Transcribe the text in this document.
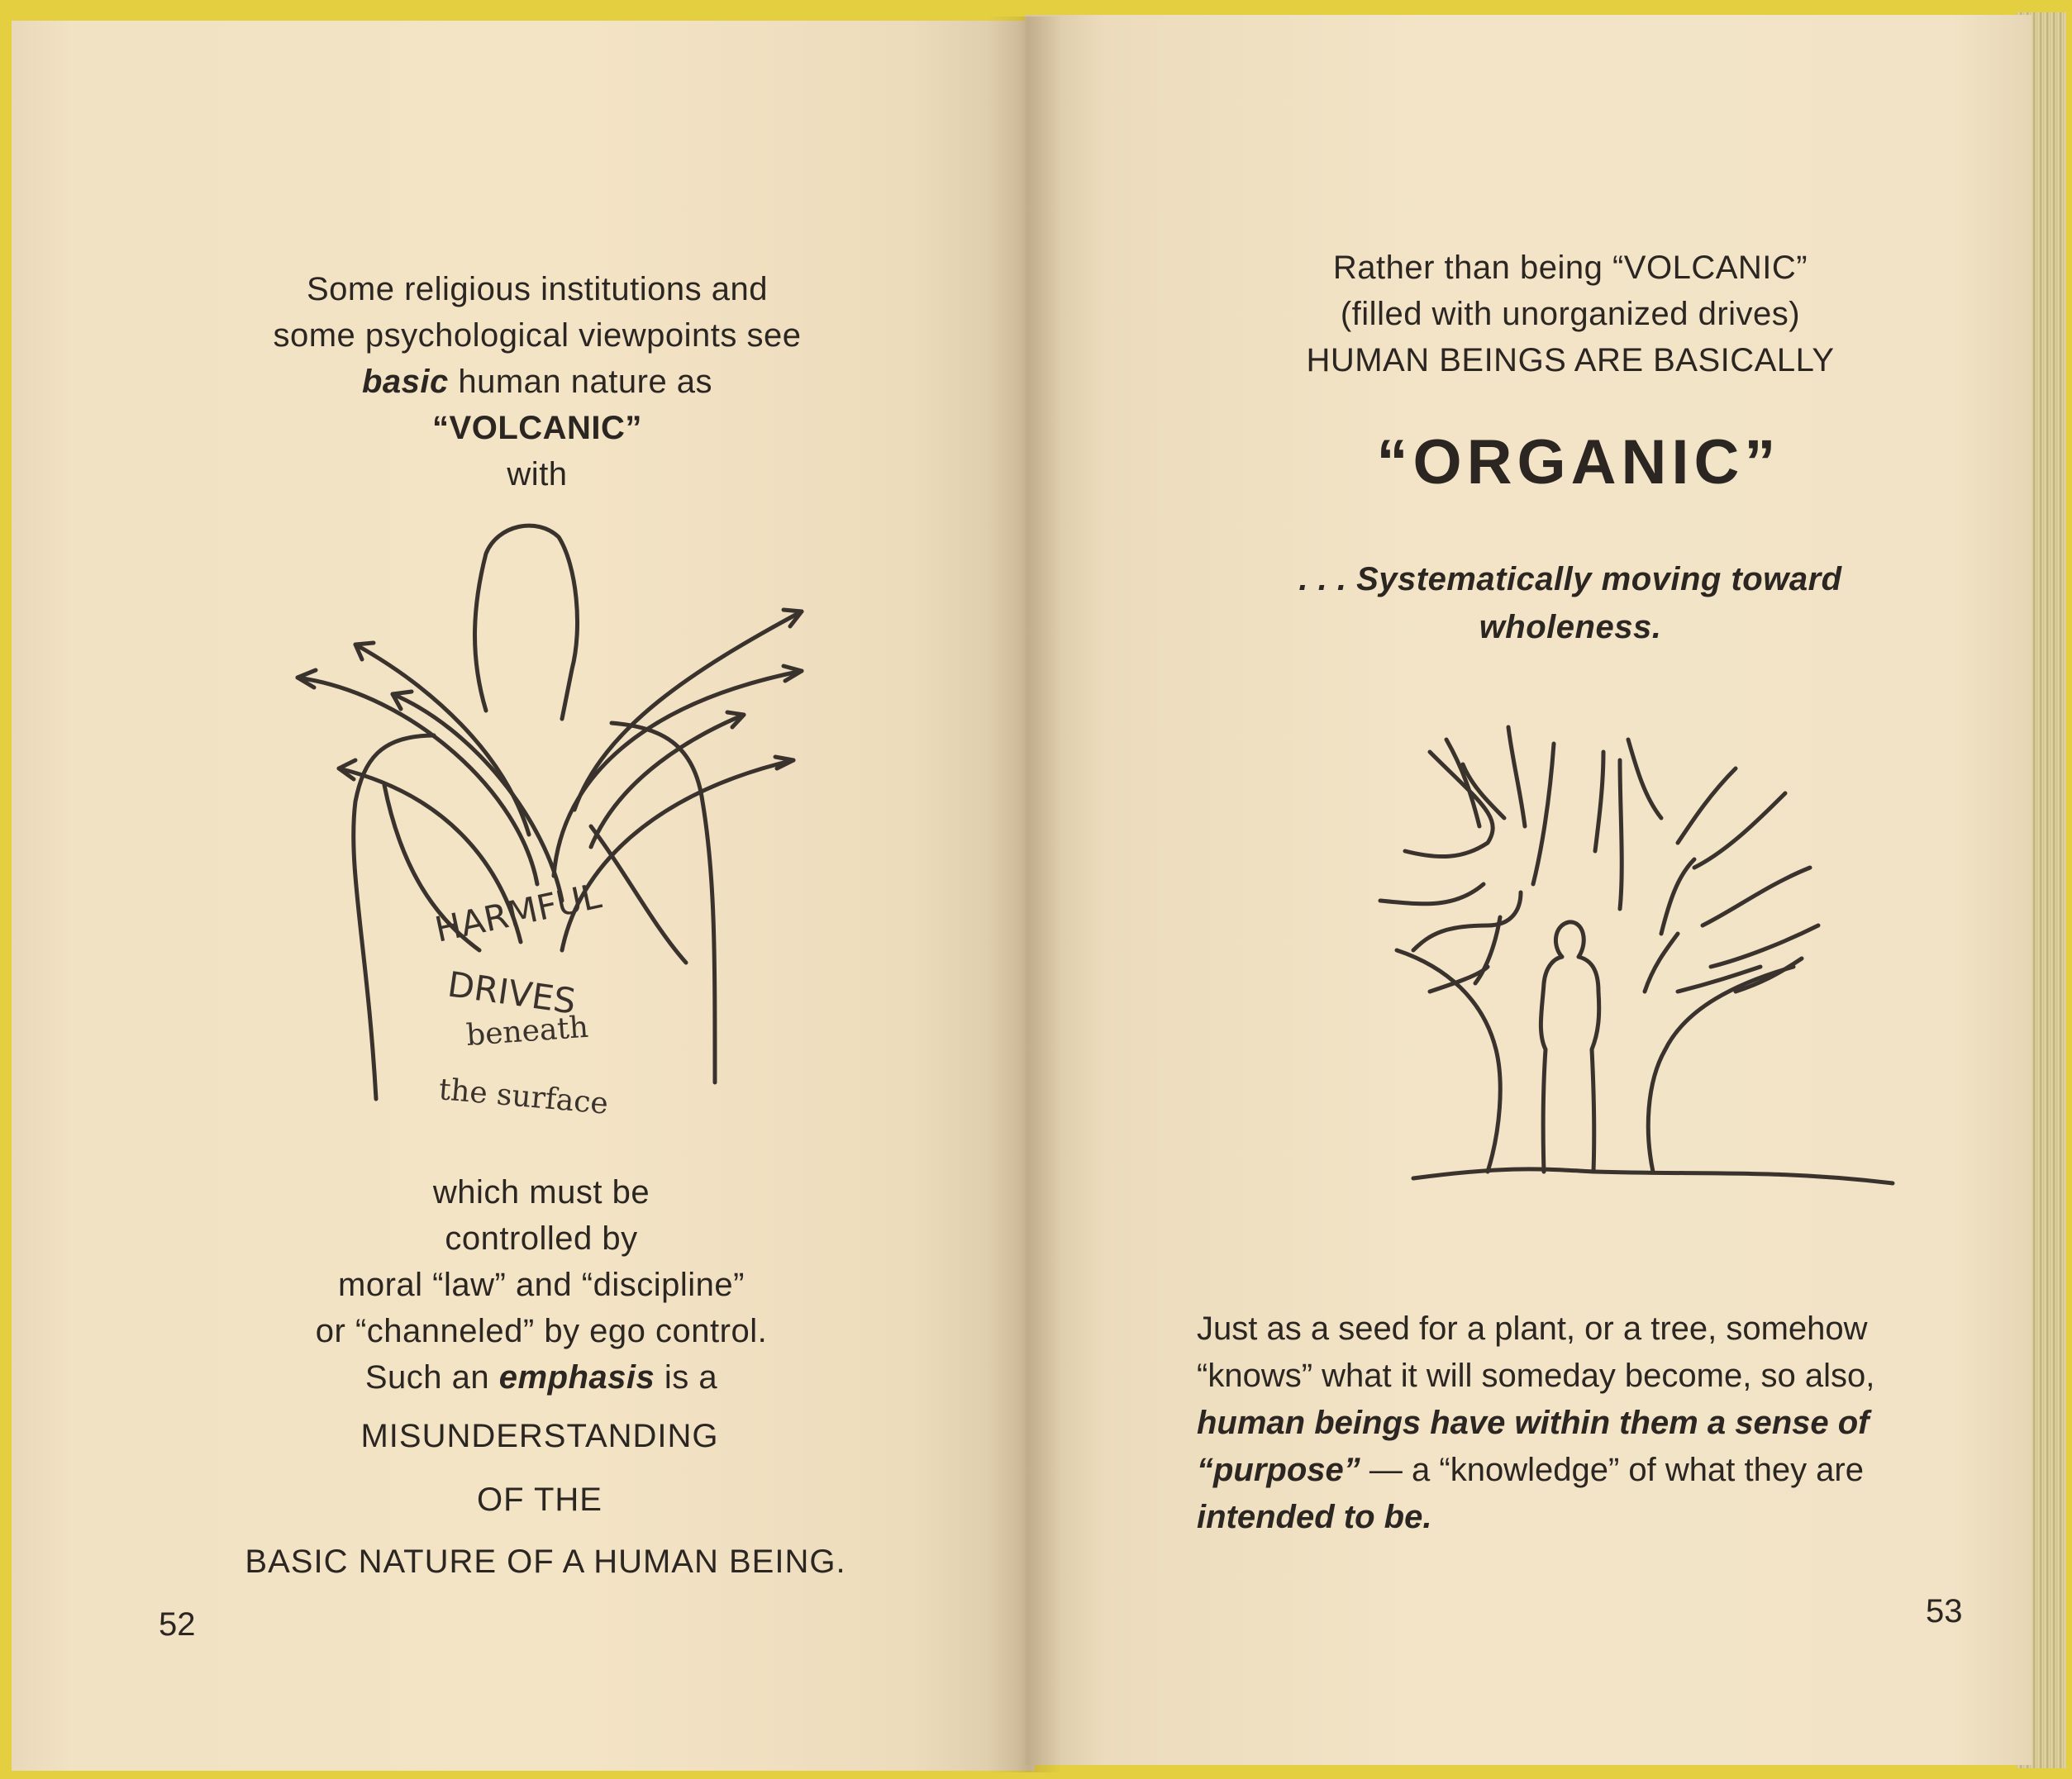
Some religious institutions and

some psychological viewpoints see

basic human nature as

“VOLCANIC”

with

HARMFUL
DRIVES
beneath
the surface

which must be

controlled by

moral “law” and “discipline”

or “channeled” by ego control.

Such an emphasis is a

MISUNDERSTANDING
OF THE
BASIC NATURE OF A HUMAN BEING.
52

Rather than being “VOLCANIC”

(filled with unorganized drives)

HUMAN BEINGS ARE BASICALLY

“ORGANIC”

. . . Systematically moving toward

wholeness.

Just as a seed for a plant, or a tree, somehow

“knows” what it will someday become, so also,

human beings have within them a sense of

“purpose” — a “knowledge” of what they are

intended to be.

53
